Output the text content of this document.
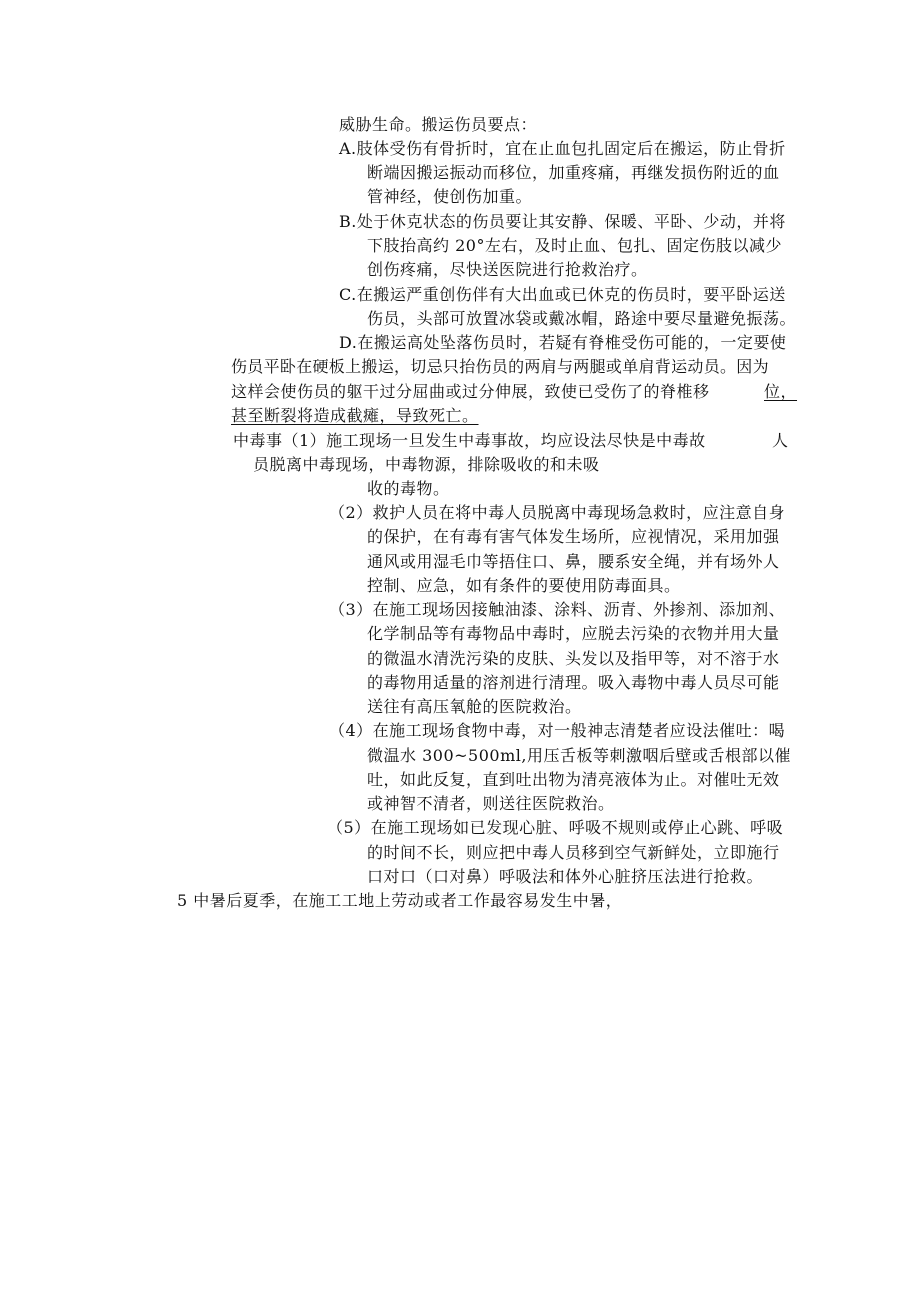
威胁生命。搬运伤员要点：
A.肢体受伤有骨折时，宜在止血包扎固定后在搬运，防止骨折
断端因搬运振动而移位，加重疼痛，再继发损伤附近的血
管神经，使创伤加重。
B.处于休克状态的伤员要让其安静、保暖、平卧、少动，并将
下肢抬高约 20°左右，及时止血、包扎、固定伤肢以减少
创伤疼痛，尽快送医院进行抢救治疗。
C.在搬运严重创伤伴有大出血或已休克的伤员时，要平卧运送
伤员，头部可放置冰袋或戴冰帽，路途中要尽量避免振荡。
D.在搬运高处坠落伤员时，若疑有脊椎受伤可能的，一定要使
伤员平卧在硬板上搬运，切忌只抬伤员的两肩与两腿或单肩背运动员。因为
这样会使伤员的躯干过分屈曲或过分伸展，致使已受伤了的脊椎移	位，
甚至断裂将造成截瘫，导致死亡。
中毒事（1）施工现场一旦发生中毒事故，均应设法尽快是中毒故	人
员脱离中毒现场，中毒物源，排除吸收的和未吸
收的毒物。
（2）救护人员在将中毒人员脱离中毒现场急救时，应注意自身
的保护，在有毒有害气体发生场所，应视情况，采用加强
通风或用湿毛巾等捂住口、鼻，腰系安全绳，并有场外人
控制、应急，如有条件的要使用防毒面具。
（3）在施工现场因接触油漆、涂料、沥青、外掺剂、添加剂、
化学制品等有毒物品中毒时，应脱去污染的衣物并用大量
的微温水清洗污染的皮肤、头发以及指甲等，对不溶于水
的毒物用适量的溶剂进行清理。吸入毒物中毒人员尽可能
送往有高压氧舱的医院救治。
（4）在施工现场食物中毒，对一般神志清楚者应设法催吐：喝
微温水 300~500ml,用压舌板等刺激咽后壁或舌根部以催
吐，如此反复，直到吐出物为清亮液体为止。对催吐无效
或神智不清者，则送往医院救治。
（5）在施工现场如已发现心脏、呼吸不规则或停止心跳、呼吸
的时间不长，则应把中毒人员移到空气新鲜处，立即施行
口对口（口对鼻）呼吸法和体外心脏挤压法进行抢救。
5 中暑后夏季，在施工工地上劳动或者工作最容易发生中暑，
